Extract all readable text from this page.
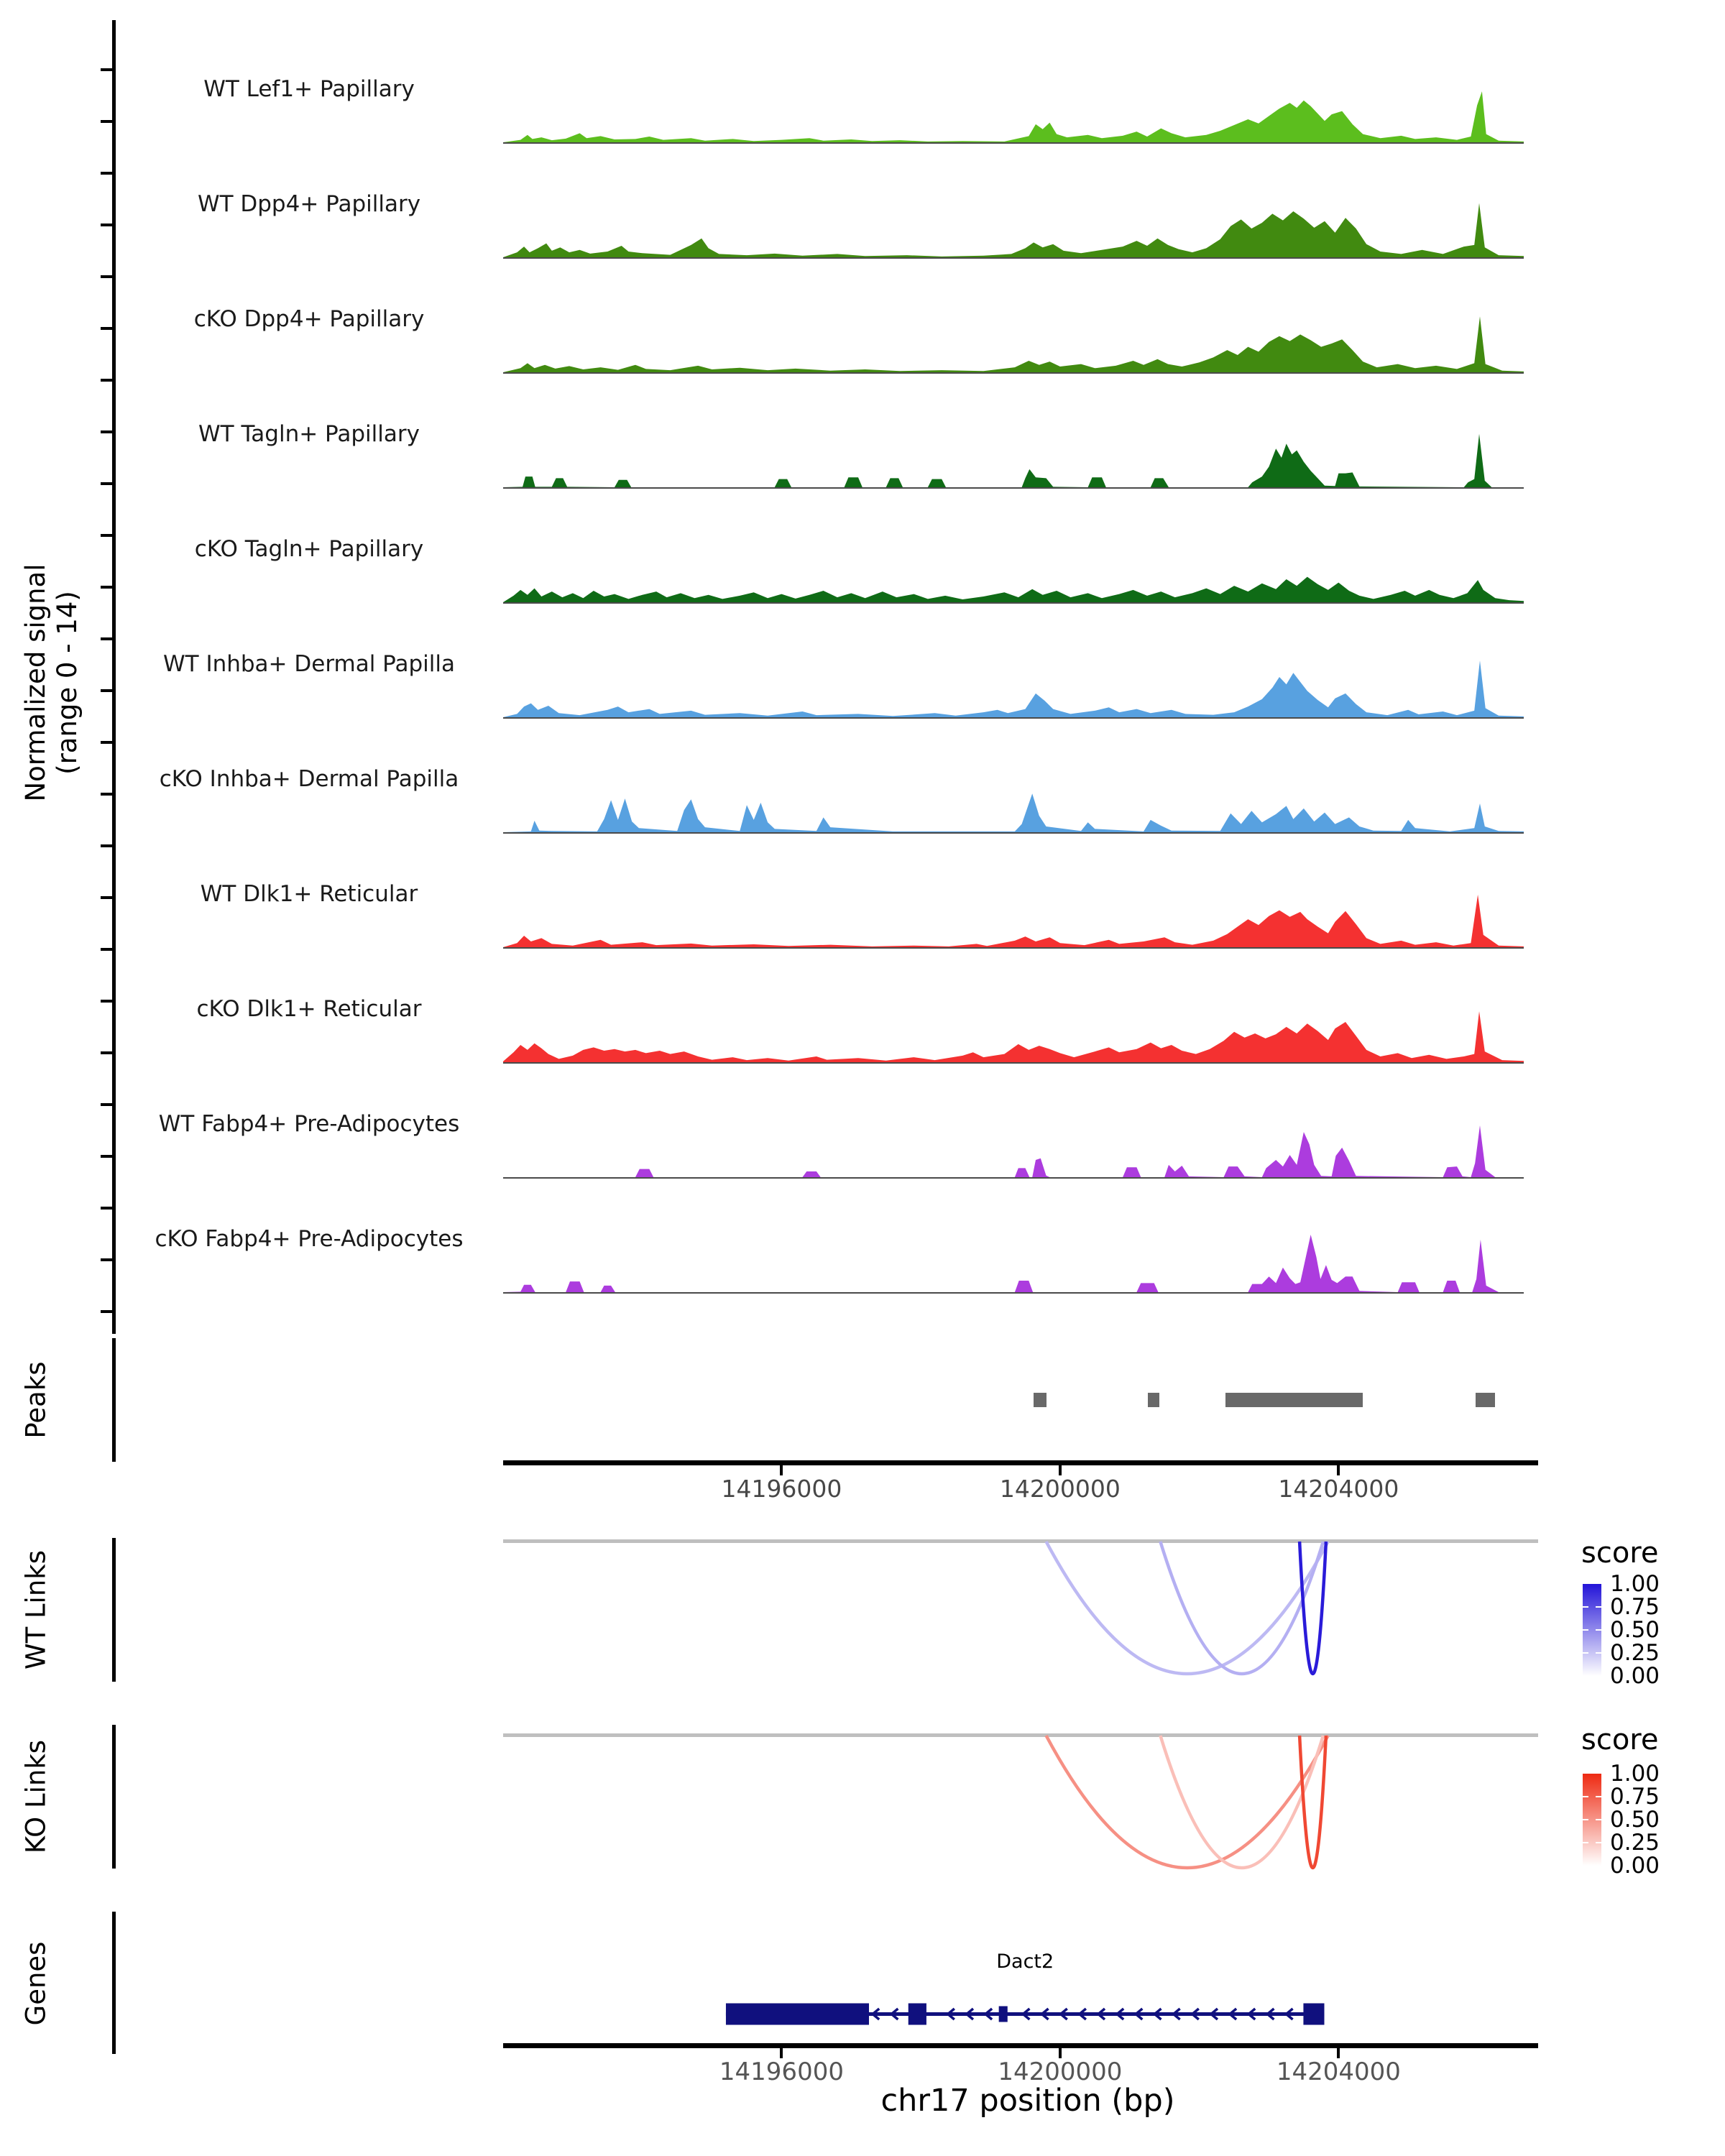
Normalized signal (range 0 - 14)
WT Lef1+ Papillary
WT Dpp4+ Papillary
cKO Dpp4+ Papillary
WT Tagln+ Papillary
cKO Tagln+ Papillary
WT Inhba+ Dermal Papilla
cKO Inhba+ Dermal Papilla
WT Dlk1+ Reticular
cKO Dlk1+ Reticular
WT Fabp4+ Pre-Adipocytes
cKO Fabp4+ Pre-Adipocytes
Peaks
14196000	14200000	14204000
WT Links	score
1.00
0.75
0.50
0.25
0.00
KO Links	score
1.00
0.75
0.50
0.25
0.00
Genes	Dact2
14196000	14200000	14204000
chr17 position (bp)
